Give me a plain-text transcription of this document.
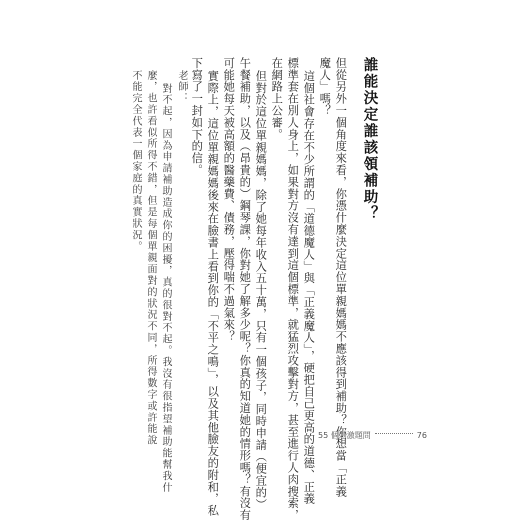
誰能決定誰該領補助？
但從另外一個角度來看，你憑什麼決定這位單親媽媽不應該得到補助？你想當「正義
魔人」嗎？
這個社會存在不少所謂的「道德魔人」與「正義魔人」，硬把自己更高的道德、正義
標準套在別人身上，如果對方沒有達到這個標準，就猛烈攻擊對方，甚至進行人肉搜索，
在網路上公審。
但對於這位單親媽媽，除了她每年收入五十萬，只有一個孩子，同時申請（便宜的）
午餐補助，以及（昂貴的）鋼琴課，你對她了解多少呢？你真的知道她的情形嗎？有沒有
可能她每天被高額的醫藥費、債務，壓得喘不過氣來？
實際上，這位單親媽媽後來在臉書上看到你的「不平之鳴」，以及其他臉友的附和，私
下寫了一封如下的信。
老師：
對不起，因為申請補助造成你的困擾，真的很對不起。我沒有很指望補助能幫我什
麼，也許看似所得不錯，但是每個單親面對的狀況不同，所得數字或許能說
不能完全代表一個家庭的真實狀況。
55 個刺激題問	76
